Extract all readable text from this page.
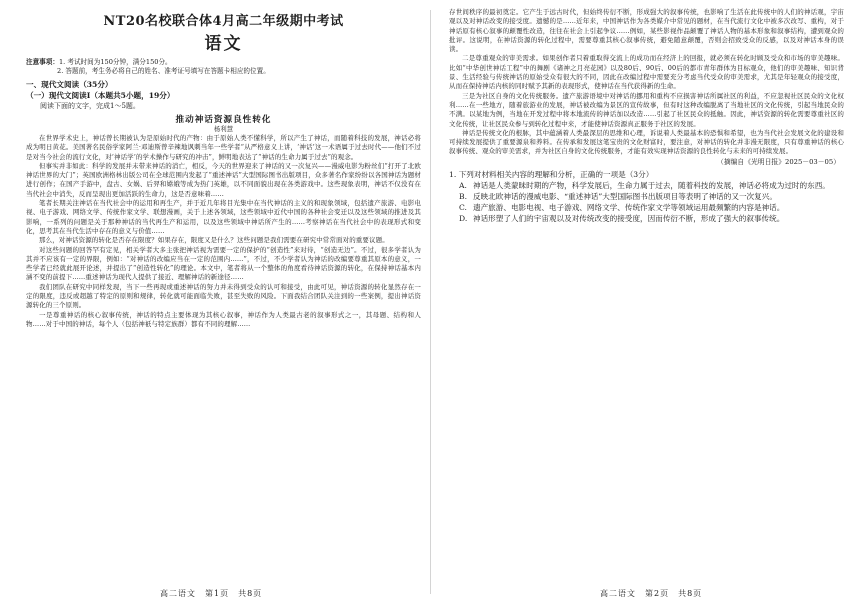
NT20名校联合体4月高二年级期中考试
语文
注意事项：1. 考试时间为150分钟，满分150分。
2. 答题前，考生务必将自己的姓名、准考证号填写在答题卡相应的位置。
一、现代文阅读（35分）
（一）现代文阅读Ⅰ（本题共5小题，19分）
阅读下面的文字，完成1～5题。
推动神话资源良性转化
杨利慧

在世界学术史上，神话曾长期被认为是原始时代的产物：由于原始人类不懂科学，所以产生了神话，而随着科技的发展，神话必将成为明日黄花。美国著名民俗学家阿兰·邓迪斯曾辛辣地讽刺当年一些学者“从严格意义上讲，‘神话’这一术语属于过去时代——他们不过是对当今社会的流行文化，对‘神话学’的学术操作与研究的冲击”，鲜明地表达了“神话的生命力属于过去”的观念。

但事实并非如此：科学的发展并未带来神话的消亡，相反，今天的世界迎来了神话的又一次复兴——漫威电影为粉丝们“打开了北欧神话世界的大门”；英国欧洲格林出版公司在全球范围内发起了“重述神话”大型国际图书出版项目，众多著名作家纷纷以各国神话为题材进行创作；在国产手游中，盘古、女娲、后羿和嫦娥等成为热门英雄，以不同面貌出现在各类游戏中。这些现象表明，神话不仅没有在当代社会中消失，反而呈现出更加活跃的生命力，这是否意味着……

笔者长期关注神话在当代社会中的运用和再生产，并于近几年将目光集中在当代神话的主义的和现象领域，包括遗产旅游、电影电视、电子游戏、网络文学、传统作家文学、联想漫画，关于上述各领域，这些领域中近代中国的各种社会变迁以及这些领域的推进及其影响，一系列的问题是关于那种神话的当代再生产和运用，以及这些领域中神话所产生的……考察神话在当代社会中的表现形式和变化，思考其在当代生活中存在的意义与价值……

那么，对神话资源的转化是否存在限度？如果存在，限度又是什么？这些问题是我们需要在研究中常常面对的重要议题。

对这些问题的回答罕有定见，相关学者大多主张把神话视为需要一定的保护的“创造性”来对待，“创造无边”。不过，很多学者认为其并不应该有一定的界限，例如：“对神话的改编应当在一定的范围内……”，不过，不少学者认为神话的改编要尊重其原本的意义，一些学者已经就此展开论述，并提出了“创造性转化”的理论。本文中，笔者将从一个整体的角度看待神话资源的转化，在保持神话基本内涵不变的前提下……重述神话为现代人提供了接近、理解神话的新途径……

我们团队在研究中同样发现，当下一些再现或重述神话的努力并未得到受众的认可和接受，由此可见，神话资源的转化显然存在一定的限度，违反或超越了特定的原则和规律，转化就可能面临失败，甚至失败的风险。下面我结合团队关注到的一些案例，提出神话资源转化的三个原则。

一是尊重神话的核心叙事传统，神话的特点主要体现为其核心叙事，神话作为人类最古老的叙事形式之一，其母题、结构和人物……对于中国的神话，每个人（包括神祇与特定族群）都有不同的理解……

存世间秩序的最初奠定。它产生于远古时代，但始终传衍不断，形成强大的叙事传统，也影响了生活在此传统中的人们的神话观，宇宙观以及对神话改变的接受度。遗憾的是……近年来，中国神话作为各类媒介中常见的题材，在当代流行文化中被多次改写、重构，对于神话原有核心叙事的颠覆性改造，往往在社会上引起争议……例如，某些影视作品颠覆了神话人物的基本形象和叙事结构，遭到观众的批评。这说明，在神话资源的转化过程中，需要尊重其核心叙事传统，避免随意颠覆，否则会招致受众的反感，以及对神话本身的误读。

二是尊重观众的审美需求。如果创作者只着重取得交流上的成功而在经济上的回报，就必须在转化时顾及受众和市场的审美趣味。比如“中华创世神话工程”中的舞剧《诸神之月亮花园》以及80后、90后、00后的都市青年群体为目标观众，他们的审美趣味、知识背景、生活经验与传统神话的原始受众有很大的不同，因此在改编过程中需要充分考虑当代受众的审美需求，尤其是年轻观众的接受度，从而在保持神话内核的同时赋予其新的表现形式，使神话在当代获得新的生命。

三是为社区自身的文化传统服务。遗产旅游语境中对神话的挪用和重构不应损害神话所属社区的利益，不应忽视社区民众的文化权利……在一些地方，随着旅游业的发展，神话被改编为景区的宣传故事，但有时这种改编脱离了当地社区的文化传统，引起当地民众的不满。以某地为例，当地在开发过程中将本地流传的神话加以改造……引起了社区民众的抵触。因此，神话资源的转化需要尊重社区的文化传统，让社区民众参与到转化过程中来，才能使神话资源真正服务于社区的发展。

神话是传统文化的根脉，其中蕴涵着人类最深层的思维和心理，诉说着人类最基本的恐惧和希望，也为当代社会发展文化的建设和可持续发展提供了重要源泉和养料。在传承和发展这笔宝贵的文化财富时，要注意，对神话的转化并非漫无限度，只有尊重神话的核心叙事传统、观众的审美需求，并为社区自身的文化传统服务，才能有效实现神话资源的良性转化与未来的可持续发展。

（摘编自《光明日报》2025－03－05）
1. 下列对材料相关内容的理解和分析，正确的一项是（3分）
A. 神话是人类蒙昧时期的产物，科学发展后，生命力属于过去，随着科技的发展，神话必将成为过时的东西。
B. 反映北欧神话的漫威电影、“重述神话”大型国际图书出版项目等表明了神话的又一次复兴。
C. 遗产旅游、电影电视、电子游戏、网络文学、传统作家文学等领域运用最频繁的内容是神话。
D. 神话形塑了人们的宇宙观以及对传统改变的接受度，因而传衍不断，形成了强大的叙事传统。
高二语文　第1页　共8页	高二语文　第2页　共8页
